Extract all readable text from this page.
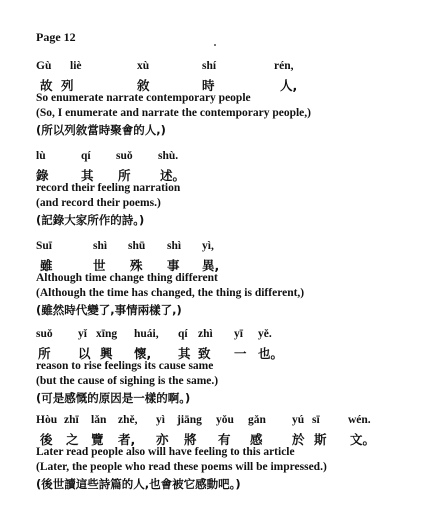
Page 12
Gù liè	xù	shí	rén,
故 列	敘	時	人,
So enumerate narrate contemporary people
(So, I enumerate and narrate the contemporary people,)
(所以列敘當時聚會的人,)
lù	qí suǒ shù.
錄	其 所 述。
record their feeling narration
(and record their poems.)
(記錄大家所作的詩。)
Suī	shì shū shì yì,
雖	世 殊 事 異,
Although time change thing different
(Although the time has changed, the thing is different,)
(雖然時代變了,事情兩樣了,)
suǒ yǐ xīng huái, qí zhì yī yě.
所 以 興 懷, 其 致 一 也。
reason to rise feelings its cause same
(but the cause of sighing is the same.)
(可是感慨的原因是一樣的啊。)
Hòu zhī lǎn zhě, yì jiāng yǒu gǎn yú sī wén.
後 之 覽 者, 亦 將 有 感 於 斯 文。
Later read people also will have feeling to this article
(Later, the people who read these poems will be impressed.)
(後世讀這些詩篇的人,也會被它感動吧。)
